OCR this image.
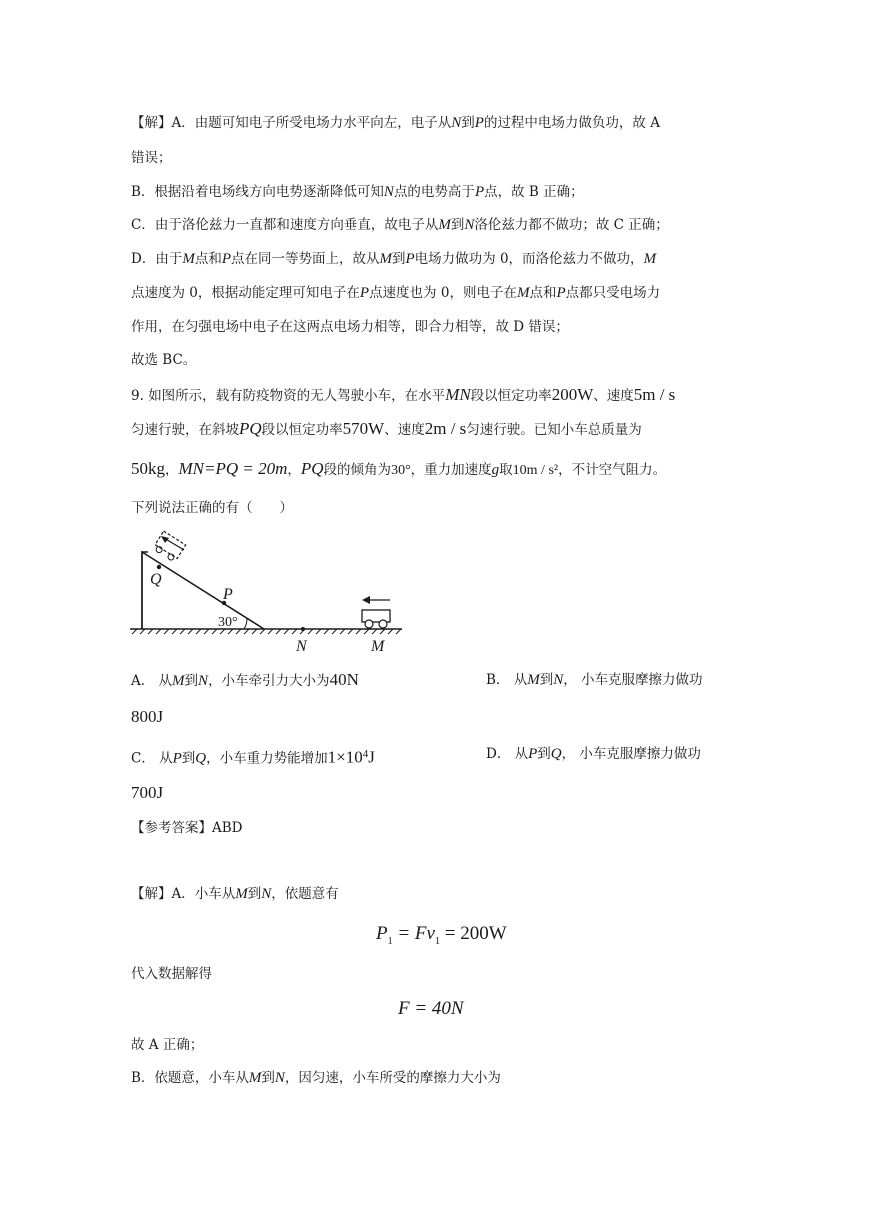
【解】A．由题可知电子所受电场力水平向左，电子从N到P的过程中电场力做负功，故 A
错误；
B．根据沿着电场线方向电势逐渐降低可知N点的电势高于P点，故 B 正确；
C．由于洛伦兹力一直都和速度方向垂直，故电子从M到N洛伦兹力都不做功；故 C 正确；
D．由于M点和P点在同一等势面上，故从M到P电场力做功为 0，而洛伦兹力不做功，M
点速度为 0，根据动能定理可知电子在P点速度也为 0，则电子在M点和P点都只受电场力
作用，在匀强电场中电子在这两点电场力相等，即合力相等，故 D 错误；
故选 BC。
9. 如图所示，载有防疫物资的无人驾驶小车，在水平MN段以恒定功率200W、速度5m / s
匀速行驶，在斜坡PQ段以恒定功率570W、速度2m / s匀速行驶。已知小车总质量为
50kg，MN=PQ = 20m，PQ段的倾角为30°，重力加速度g取10m / s²，不计空气阻力。
下列说法正确的有（　　）
Q
P
30°
N	M
A． 从M到N，小车牵引力大小为40N	B． 从M到N， 小车克服摩擦力做功
800J
C． 从P到Q，小车重力势能增加$1\times 10^4J$	D． 从P到Q， 小车克服摩擦力做功
700J
【参考答案】ABD
【解】A．小车从M到N，依题意有
$P_1 = Fv_1 = 200W$
代入数据解得
F = 40N
故 A 正确；
B．依题意，小车从M到N，因匀速，小车所受的摩擦力大小为
